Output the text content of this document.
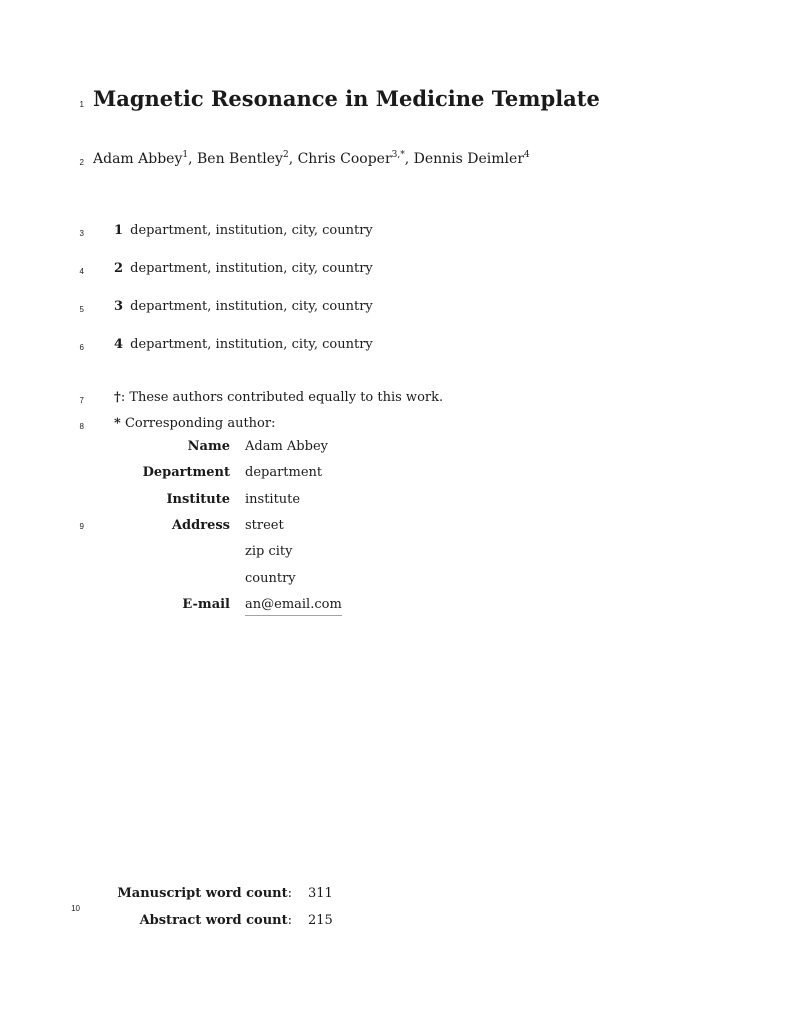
1
2
3
4
5
6
7
8
9
10
Magnetic Resonance in Medicine Template
Adam Abbey$^1$, Ben Bentley$^2$, Chris Cooper$^{3,*}$, Dennis Deimler$^4$
1 department, institution, city, country
2 department, institution, city, country
3 department, institution, city, country
4 department, institution, city, country
†: These authors contributed equally to this work.
* Corresponding author:
Name Adam Abbey
Department department
Institute institute
Address street
zip city
country
E-mail an@email.com
Manuscript word count: 311
Abstract word count: 215
